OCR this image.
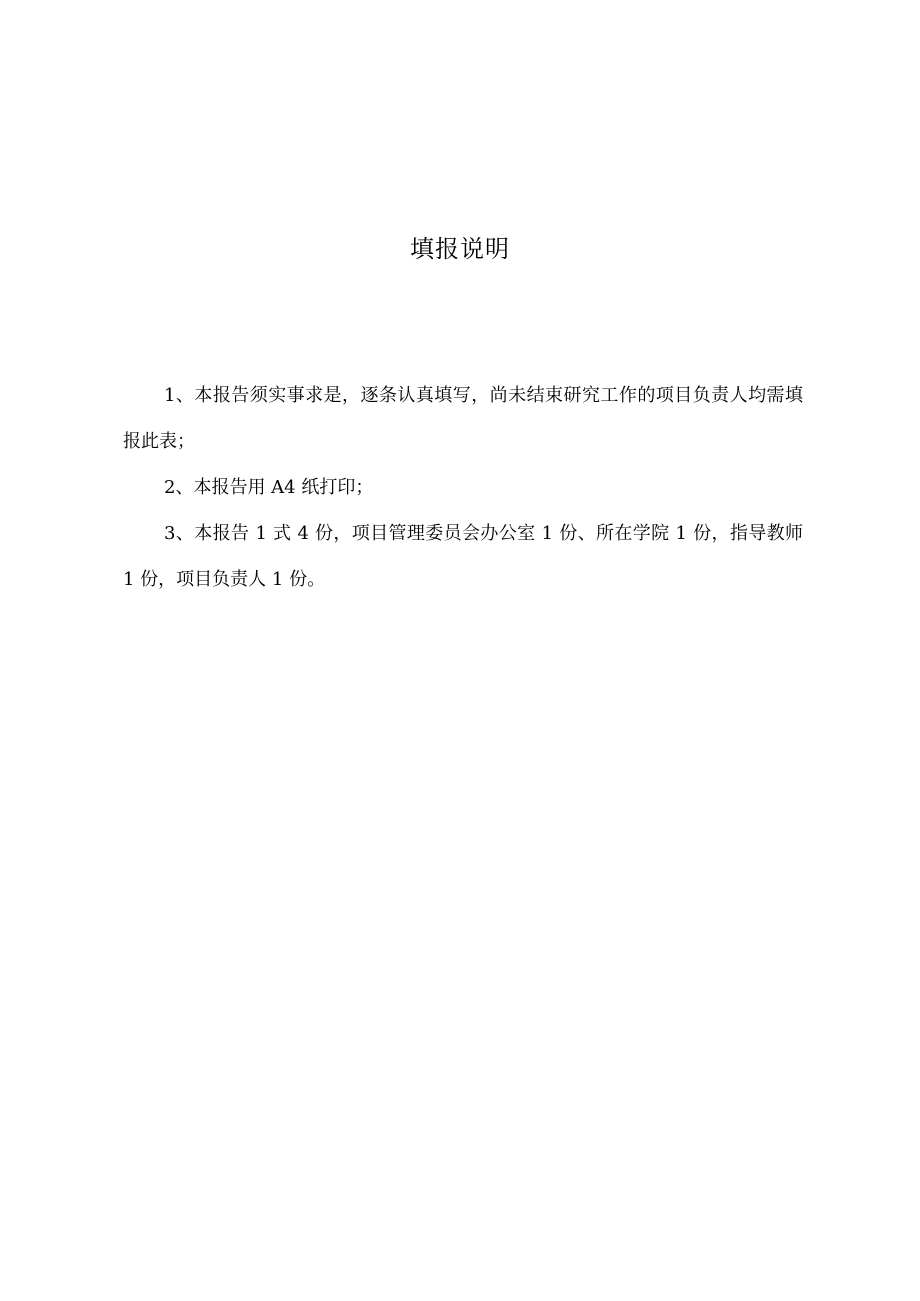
填报说明

1、本报告须实事求是，逐条认真填写，尚未结束研究工作的项目负责人均需填报此表；

2、本报告用 A4 纸打印；

3、本报告 1 式 4 份，项目管理委员会办公室 1 份、所在学院 1 份，指导教师 1 份，项目负责人 1 份。
